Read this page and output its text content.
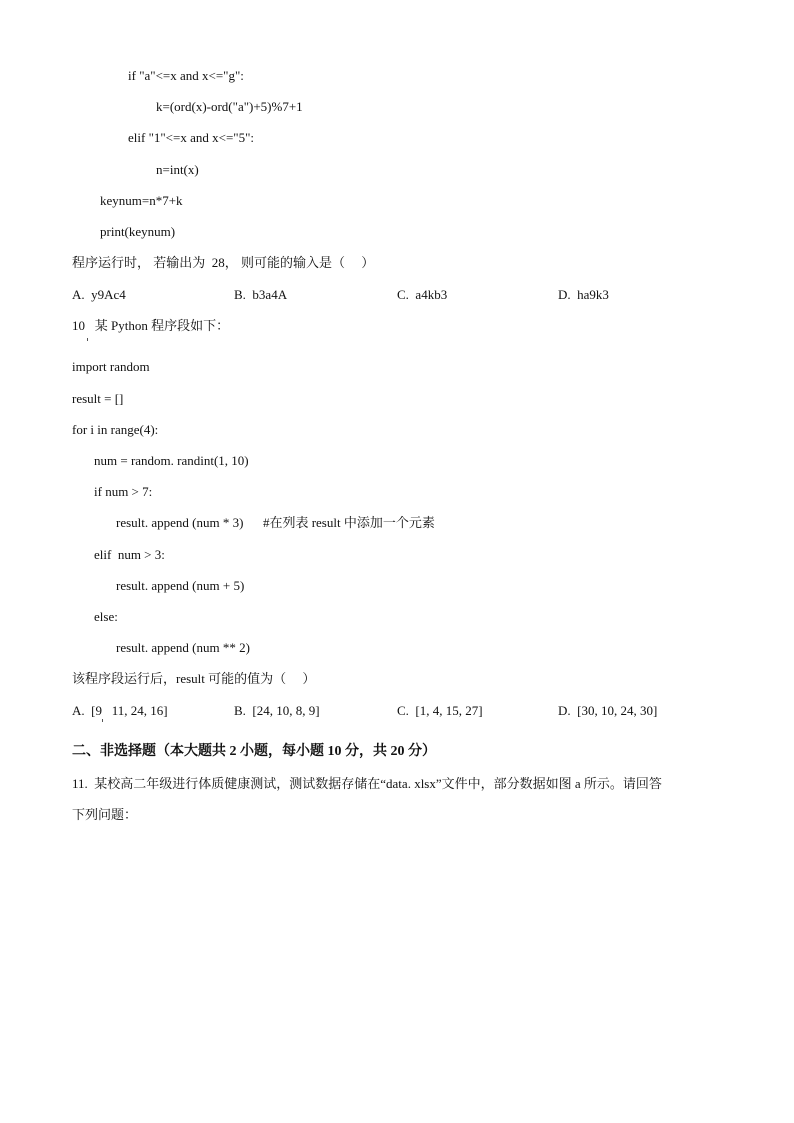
if "a"<=x and x<="g":
k=(ord(x)-ord("a")+5)%7+1
elif "1"<=x and x<="5":
n=int(x)
keynum=n*7+k
print(keynum)
程序运行时， 若输出为  28， 则可能的输入是（     ）
A.  y9Ac4	B.  b3a4A	C.  a4kb3	D.  ha9k3
10   某 Python 程序段如下：
import random
result = []
for i in range(4):
num = random. randint(1, 10)
if num > 7:
result. append (num * 3)      #在列表 result 中添加一个元素
elif  num > 3:
result. append (num + 5)
else:
result. append (num ** 2)
该程序段运行后，result 可能的值为（     ）
A.  [9   11, 24, 16]	B.  [24, 10, 8, 9]	C.  [1, 4, 15, 27]	D.  [30, 10, 24, 30]
二、非选择题（本大题共 2 小题，每小题 10 分，共 20 分）
11.  某校高二年级进行体质健康测试，测试数据存储在“data. xlsx”文件中，部分数据如图 a 所示。请回答
下列问题：
